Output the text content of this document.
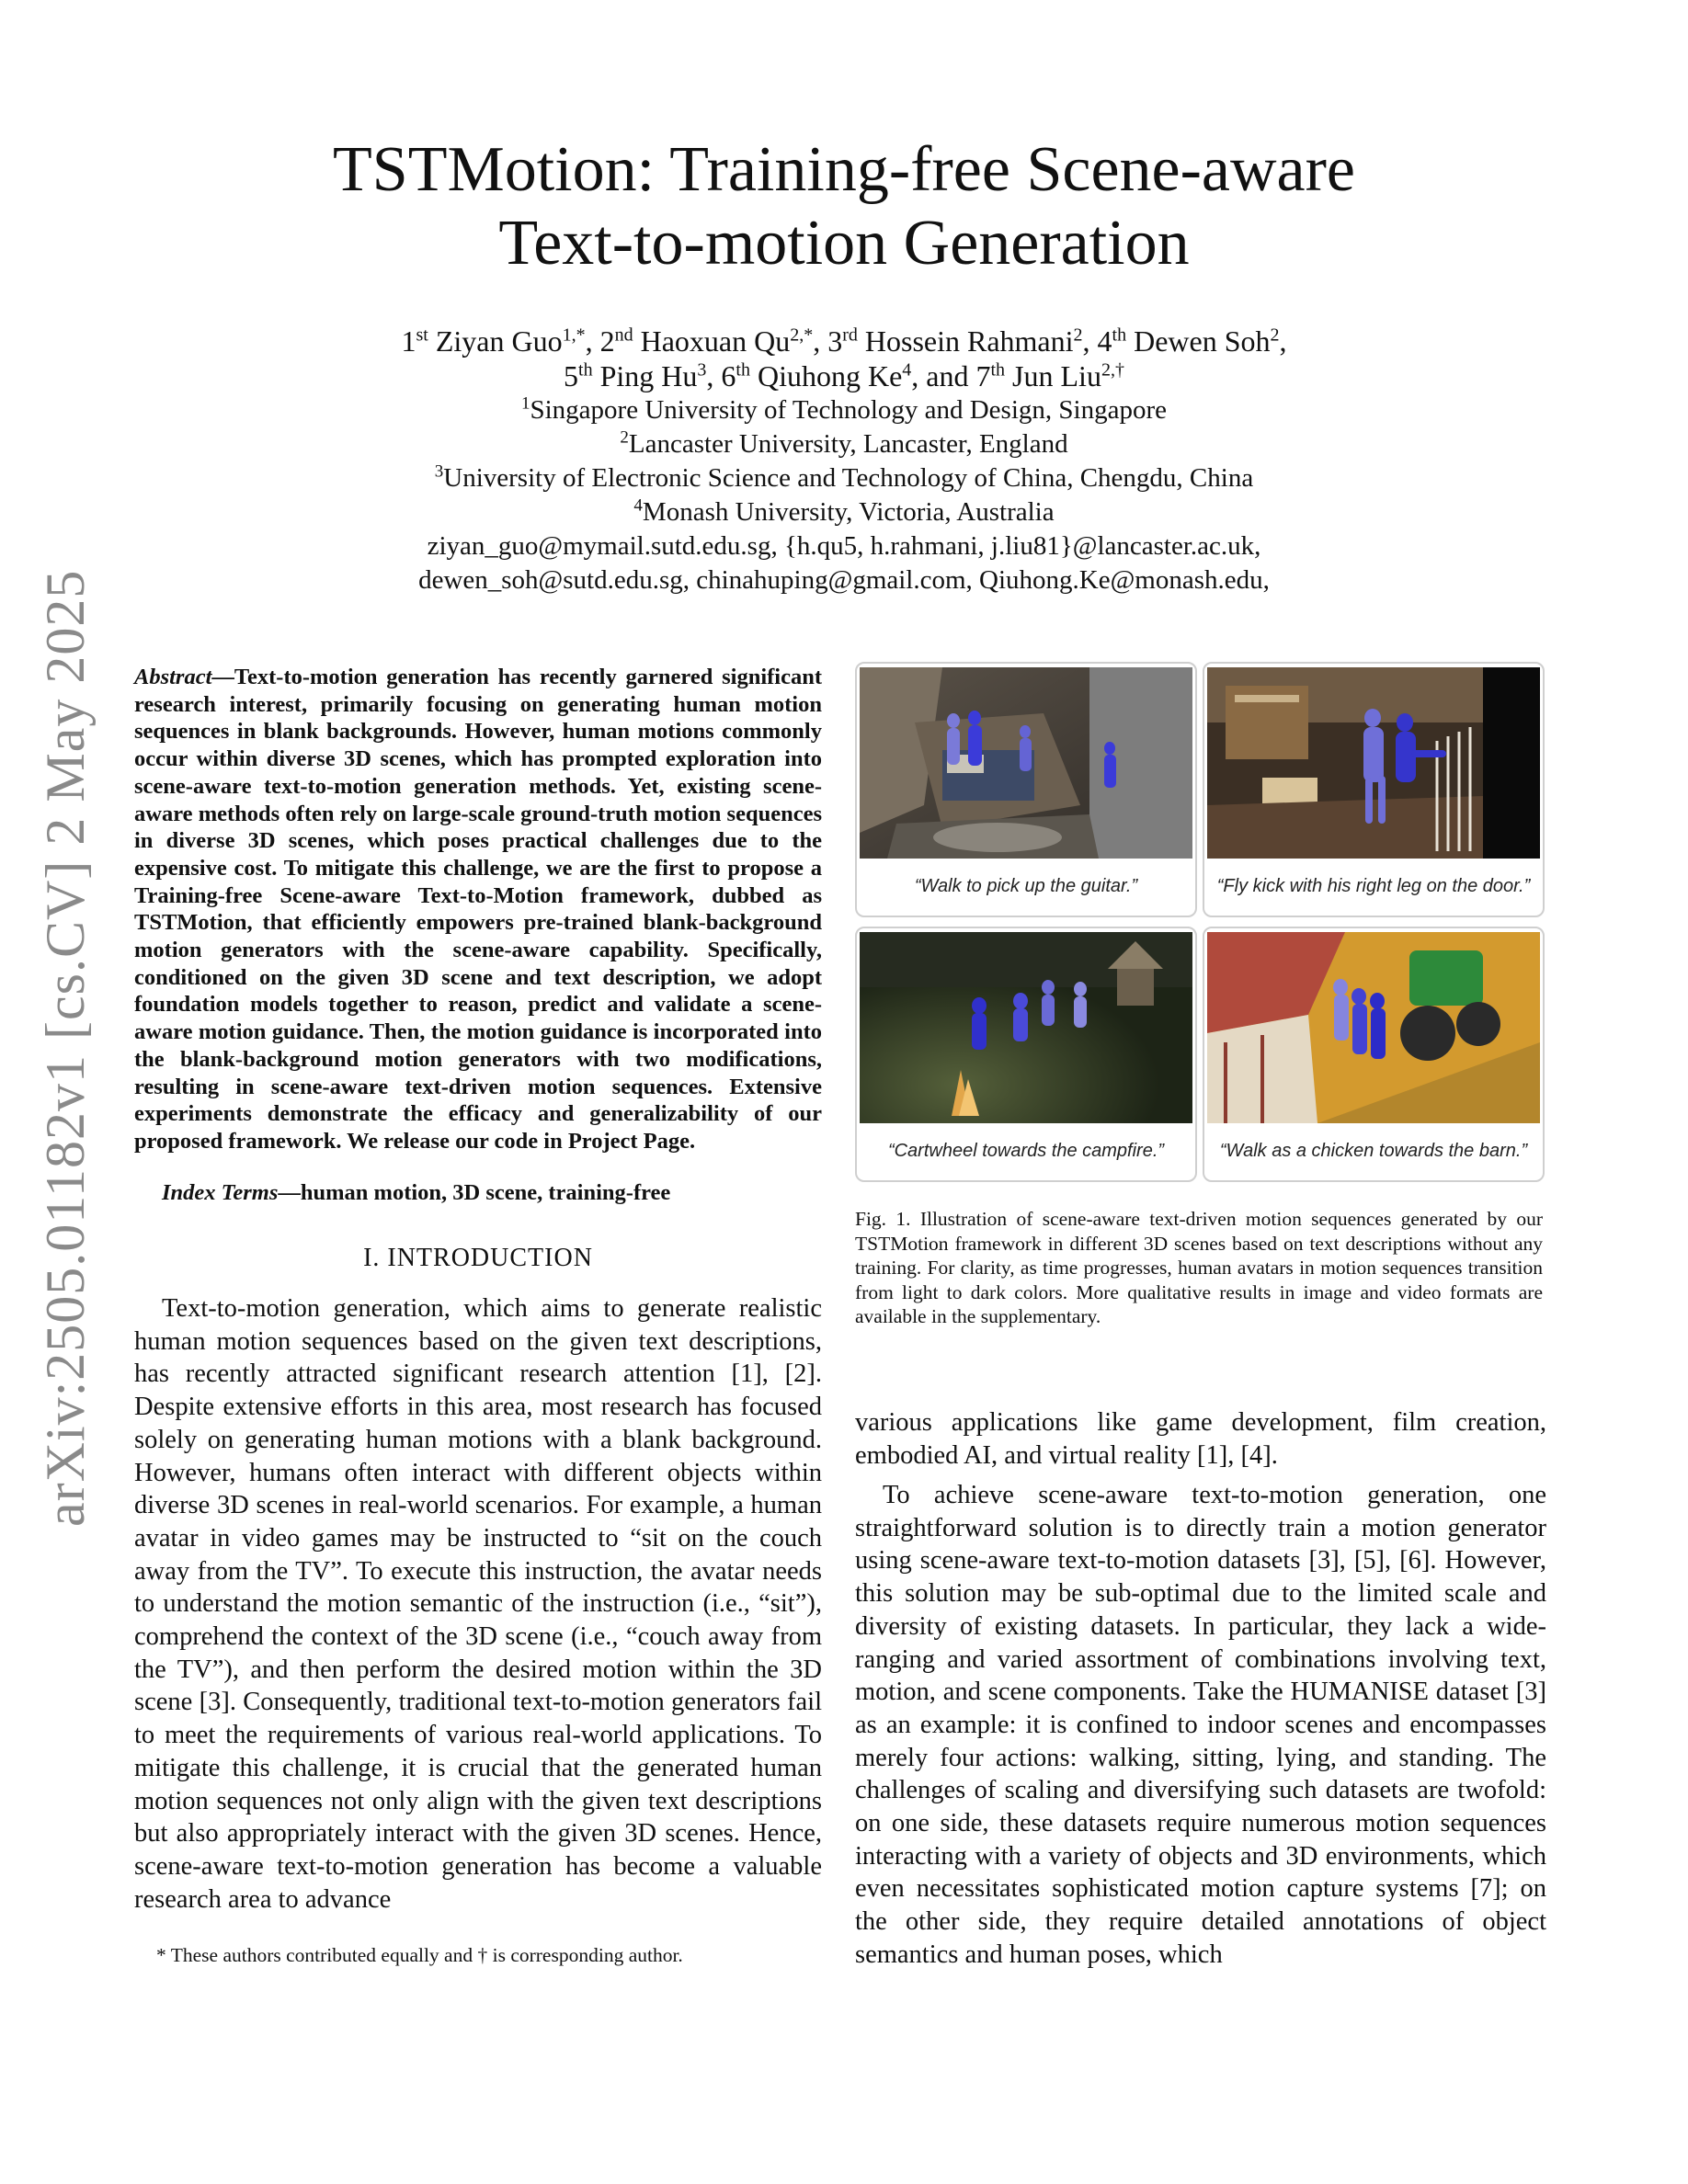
arXiv:2505.01182v1 [cs.CV] 2 May 2025
TSTMotion: Training-free Scene-aware
Text-to-motion Generation
1st Ziyan Guo$^{1,*}$, 2nd Haoxuan $Qu^{2,*}$, 3rd Hossein Rahmani$^2$, 4th Dewen Soh$^2$,
5th Ping Hu$^3$, 6th Qiuhong Ke$^4$, and 7th Jun Liu$^{2,\dagger}$
$^1$Singapore University of Technology and Design, Singapore
$^2$Lancaster University, Lancaster, England
$^3$University of Electronic Science and Technology of China, Chengdu, China
$^4$Monash University, Victoria, Australia
ziyan_guo@mymail.sutd.edu.sg, {h.qu5, h.rahmani, j.liu81}@lancaster.ac.uk,
dewen_soh@sutd.edu.sg, chinahuping@gmail.com, Qiuhong.Ke@monash.edu,
Abstract—Text-to-motion generation has recently garnered significant research interest, primarily focusing on generating human motion sequences in blank backgrounds. However, human motions commonly occur within diverse 3D scenes, which has prompted exploration into scene-aware text-to-motion generation methods. Yet, existing scene-aware methods often rely on large-scale ground-truth motion sequences in diverse 3D scenes, which poses practical challenges due to the expensive cost. To mitigate this challenge, we are the first to propose a Training-free Scene-aware Text-to-Motion framework, dubbed as TSTMotion, that efficiently empowers pre-trained blank-background motion generators with the scene-aware capability. Specifically, conditioned on the given 3D scene and text description, we adopt foundation models together to reason, predict and validate a scene-aware motion guidance. Then, the motion guidance is incorporated into the blank-background motion generators with two modifications, resulting in scene-aware text-driven motion sequences. Extensive experiments demonstrate the efficacy and generalizability of our proposed framework. We release our code in Project Page.
Index Terms—human motion, 3D scene, training-free
I. INTRODUCTION
Text-to-motion generation, which aims to generate realistic human motion sequences based on the given text descriptions, has recently attracted significant research attention [1], [2]. Despite extensive efforts in this area, most research has focused solely on generating human motions with a blank background. However, humans often interact with different objects within diverse 3D scenes in real-world scenarios. For example, a human avatar in video games may be instructed to “sit on the couch away from the TV”. To execute this instruction, the avatar needs to understand the motion semantic of the instruction (i.e., “sit”), comprehend the context of the 3D scene (i.e., “couch away from the TV”), and then perform the desired motion within the 3D scene [3]. Consequently, traditional text-to-motion generators fail to meet the requirements of various real-world applications. To mitigate this challenge, it is crucial that the generated human motion sequences not only align with the given text descriptions but also appropriately interact with the given 3D scenes. Hence, scene-aware text-to-motion generation has become a valuable research area to advance
* These authors contributed equally and † is corresponding author.
“Walk to pick up the guitar.”	“Fly kick with his right leg on the door.”
“Cartwheel towards the campfire.”	“Walk as a chicken towards the barn.”
Fig. 1. Illustration of scene-aware text-driven motion sequences generated by our TSTMotion framework in different 3D scenes based on text descriptions without any training. For clarity, as time progresses, human avatars in motion sequences transition from light to dark colors. More qualitative results in image and video formats are available in the supplementary.
various applications like game development, film creation, embodied AI, and virtual reality [1], [4].
To achieve scene-aware text-to-motion generation, one straightforward solution is to directly train a motion generator using scene-aware text-to-motion datasets [3], [5], [6]. However, this solution may be sub-optimal due to the limited scale and diversity of existing datasets. In particular, they lack a wide-ranging and varied assortment of combinations involving text, motion, and scene components. Take the HUMANISE dataset [3] as an example: it is confined to indoor scenes and encompasses merely four actions: walking, sitting, lying, and standing. The challenges of scaling and diversifying such datasets are twofold: on one side, these datasets require numerous motion sequences interacting with a variety of objects and 3D environments, which even necessitates sophisticated motion capture systems [7]; on the other side, they require detailed annotations of object semantics and human poses, which
